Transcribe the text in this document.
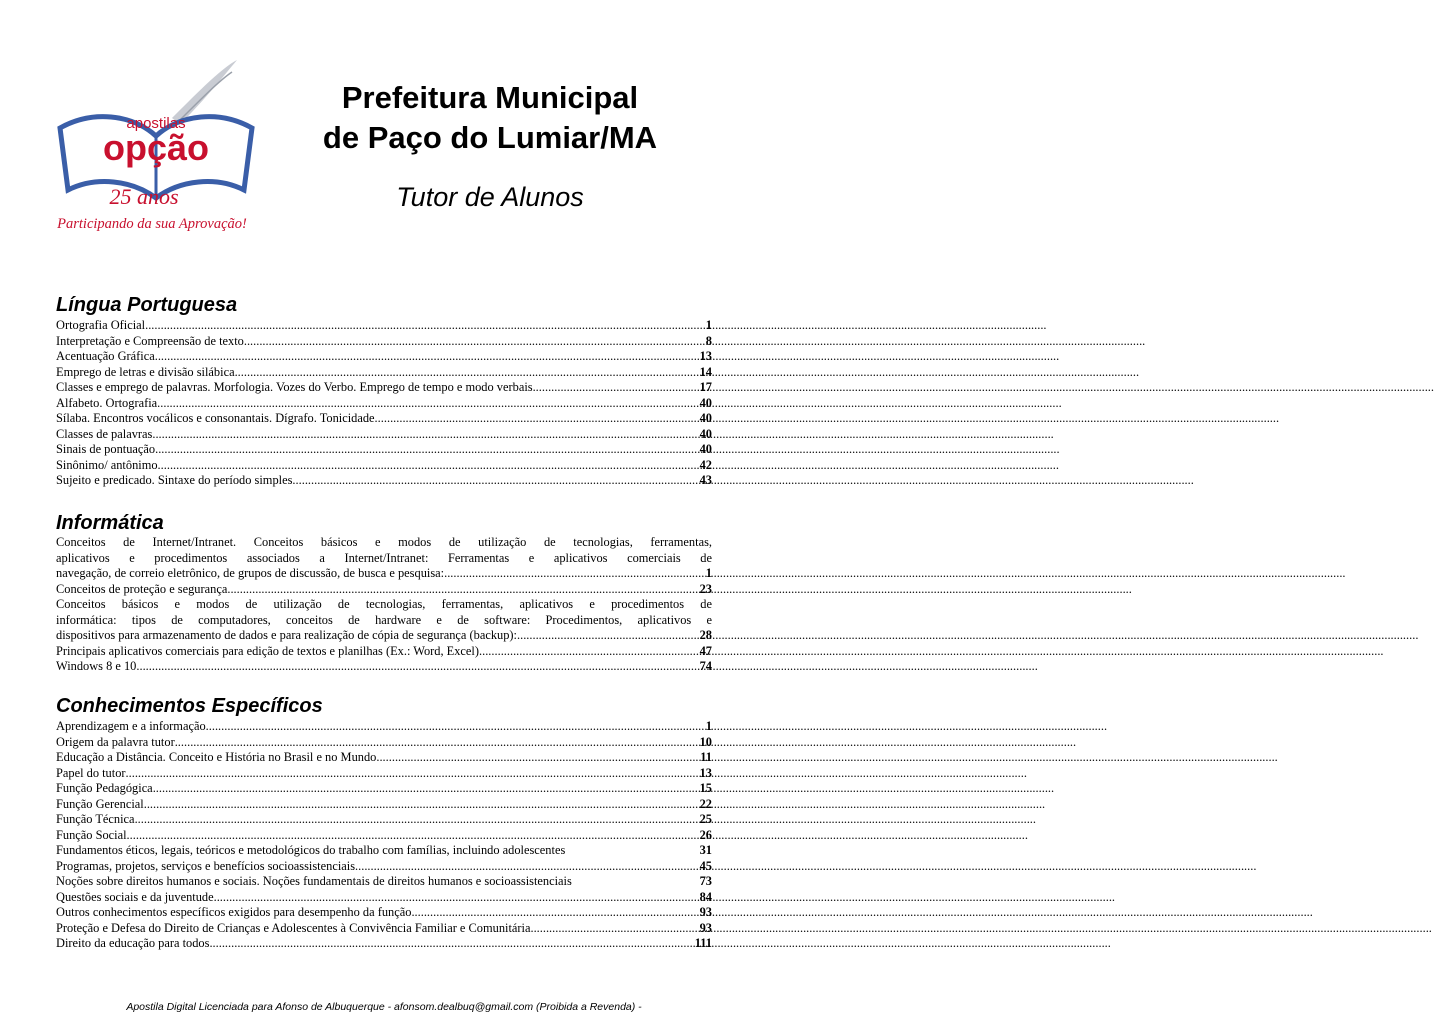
apostilas
opção
25 anos
Participando da sua Aprovação!
Prefeitura Municipal
de Paço do Lumiar/MA
Tutor de Alunos
Língua Portuguesa
Ortografia Oficial .....	1
Interpretação e Compreensão de texto .....	8
Acentuação Gráfica. .....	13
Emprego de letras e divisão silábica. .....	14
Classes e emprego de palavras. Morfologia. Vozes do Verbo. Emprego de tempo e modo verbais .....	17
Alfabeto. Ortografia. .....	40
Sílaba. Encontros vocálicos e consonantais. Dígrafo. Tonicidade. .....	40
Classes de palavras .....	40
Sinais de pontuação. .....	40
Sinônimo/ antônimo .....	42
Sujeito e predicado. Sintaxe do período simples .....	43
Informática
Conceitos de Internet/Intranet. Conceitos básicos e modos de utilização de tecnologias, ferramentas,
aplicativos e procedimentos associados a Internet/Intranet: Ferramentas e aplicativos comerciais de
navegação, de correio eletrônico, de grupos de discussão, de busca e pesquisa: .....	1
Conceitos de proteção e segurança. .....	23
Conceitos básicos e modos de utilização de tecnologias, ferramentas, aplicativos e procedimentos de
informática: tipos de computadores, conceitos de hardware e de software: Procedimentos, aplicativos e
dispositivos para armazenamento de dados e para realização de cópia de segurança (backup): .....	28
Principais aplicativos comerciais para edição de textos e planilhas (Ex.: Word, Excel). .....	47
Windows 8 e 10 .....	74
Conhecimentos Específicos
Aprendizagem e a informação .....	1
Origem da palavra tutor .....	10
Educação a Distância. Conceito e História no Brasil e no Mundo .....	11
Papel do tutor .....	13
Função Pedagógica .....	15
Função Gerencial .....	22
Função Técnica .....	25
Função Social .....	26
Fundamentos éticos, legais, teóricos e metodológicos do trabalho com famílias, incluindo adolescentes	31
Programas, projetos, serviços e benefícios socioassistenciais .....	45
Noções sobre direitos humanos e sociais. Noções fundamentais de direitos humanos e socioassistenciais	73
Questões sociais e da juventude .....	84
Outros conhecimentos específicos exigidos para desempenho da função .....	93
Proteção e Defesa do Direito de Crianças e Adolescentes à Convivência Familiar e Comunitária .....	93
Direito da educação para todos .....	111
Apostila Digital Licenciada para Afonso de Albuquerque - afonsom.dealbuq@gmail.com (Proibida a Revenda) -
